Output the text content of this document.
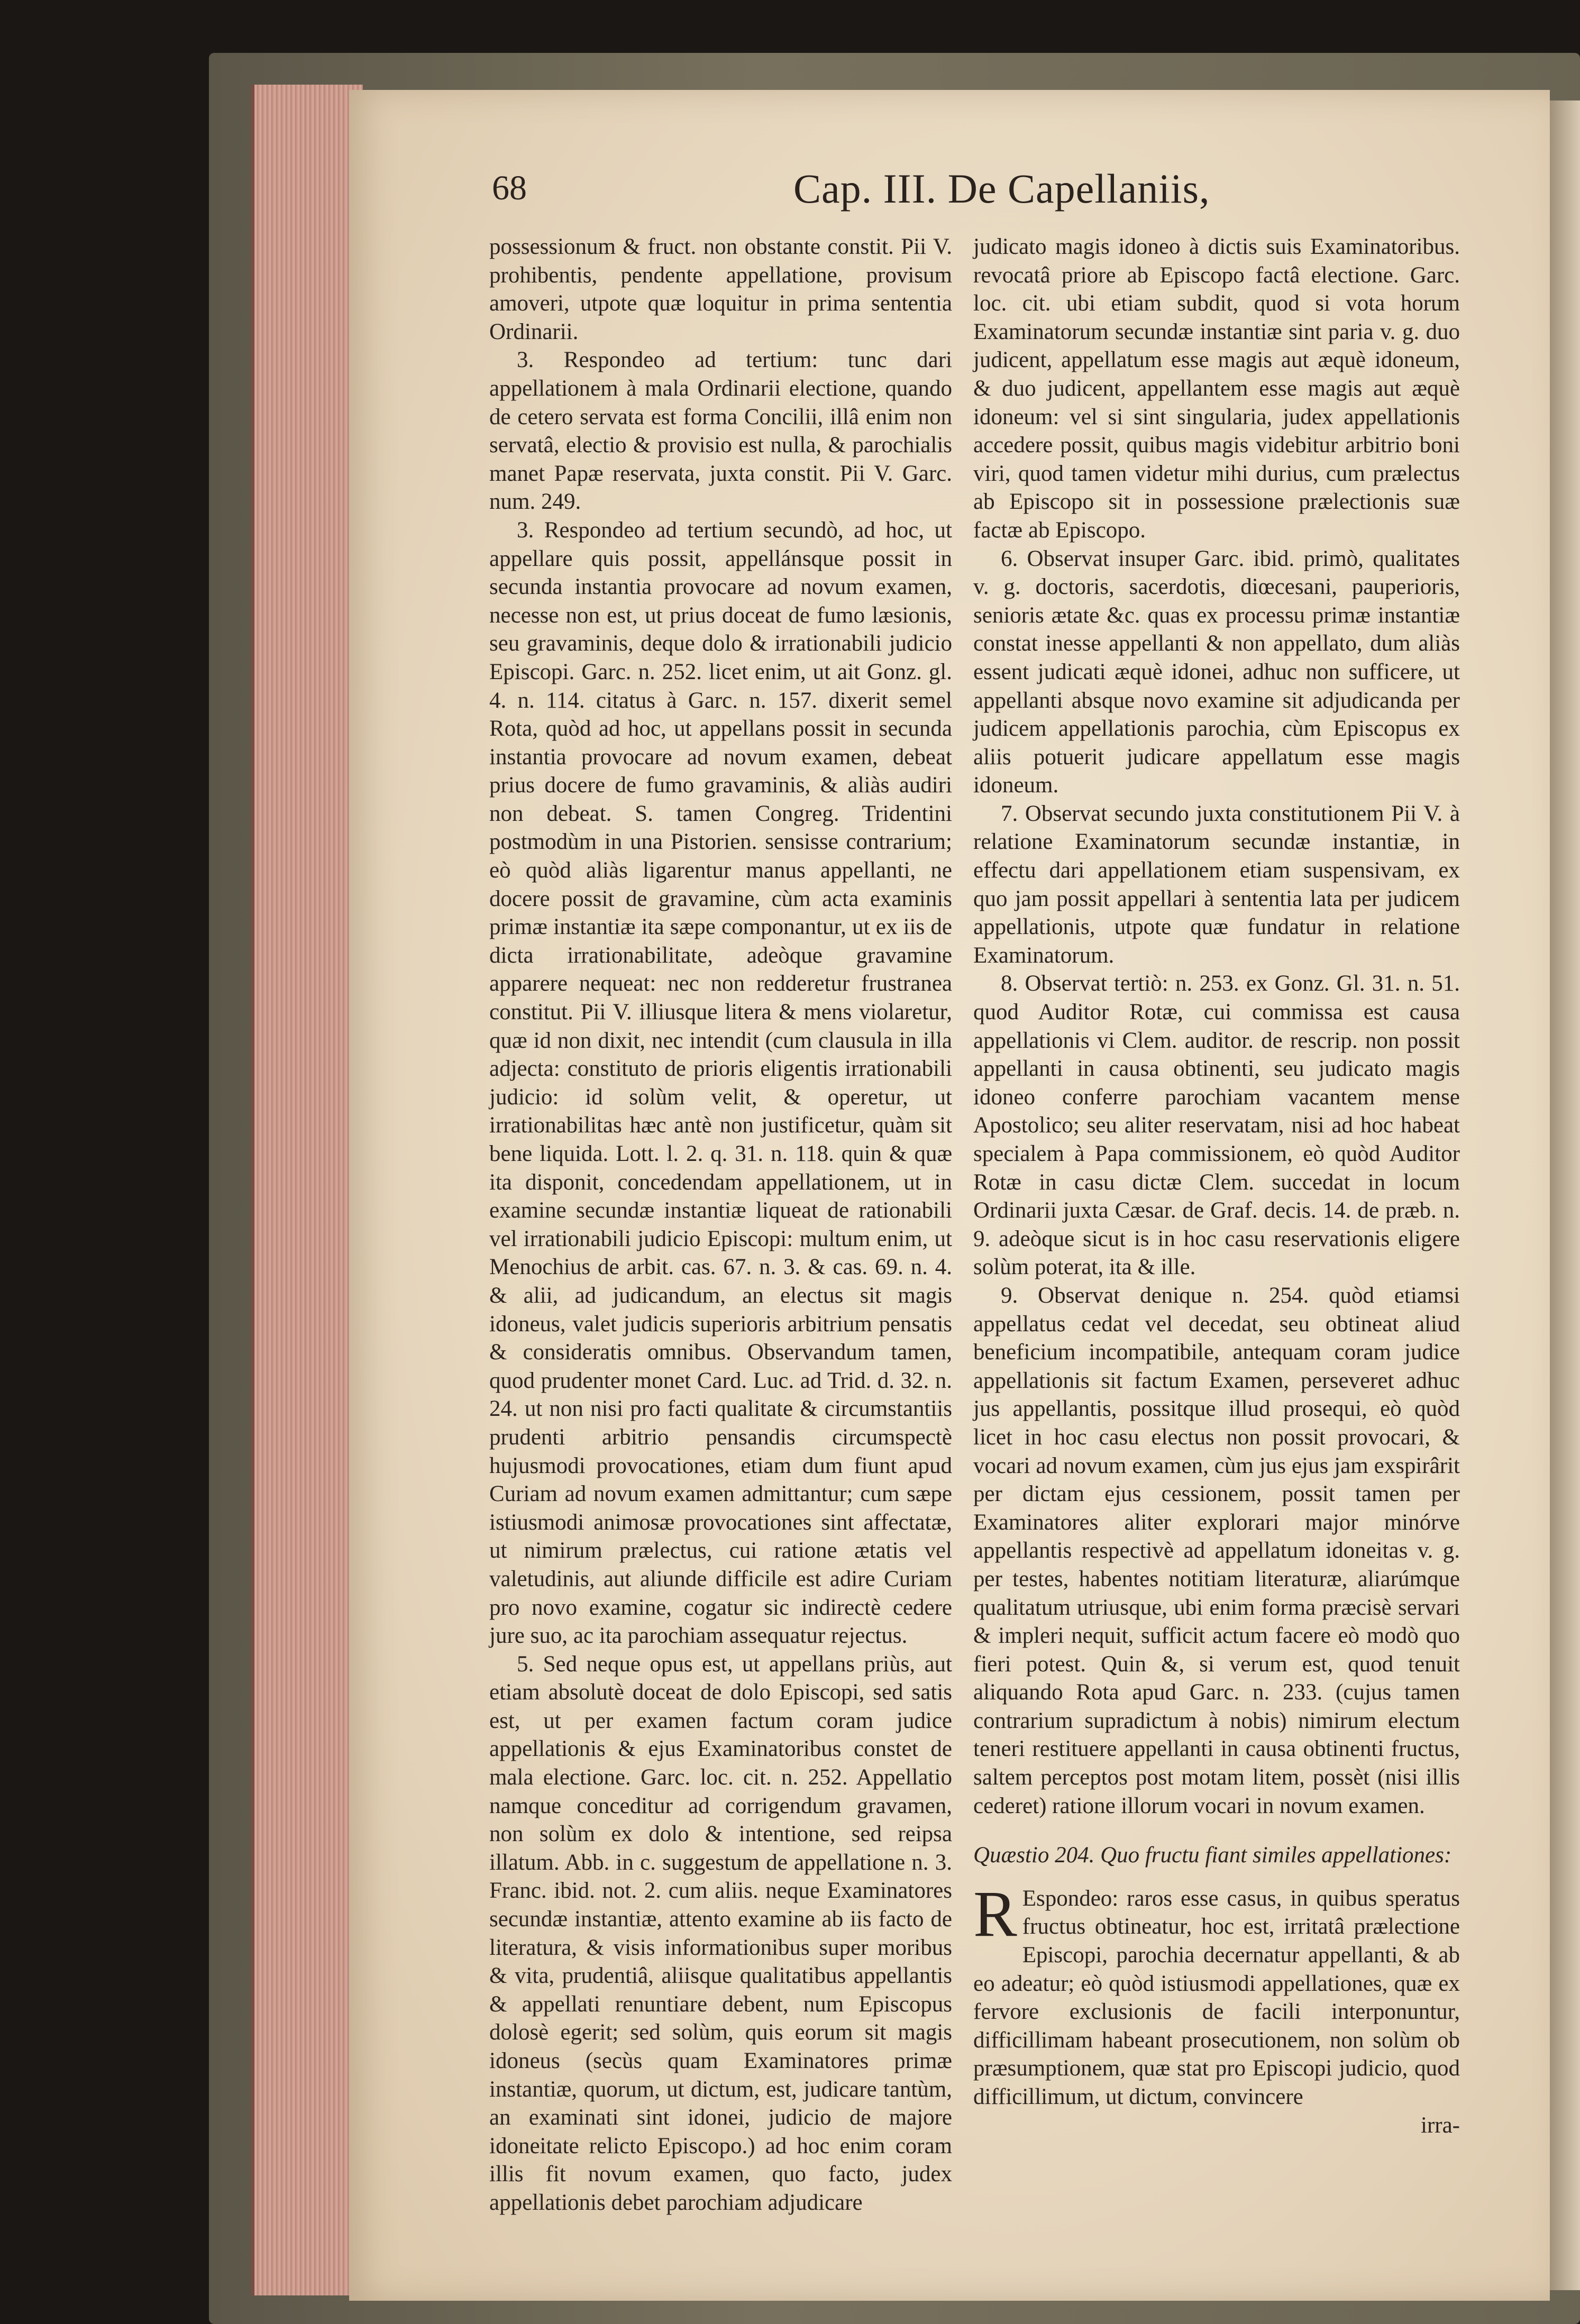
68	Cap. III. De Capellaniis,

possessionum & fruct. non obstante constit. Pii V. prohibentis, pendente appellatione, provisum amoveri, utpote quæ loquitur in prima sententia Ordinarii.

3. Respondeo ad tertium: tunc dari appellationem à mala Ordinarii electione, quando de cetero servata est forma Concilii, illâ enim non servatâ, electio & provisio est nulla, & parochialis manet Papæ reservata, juxta constit. Pii V. Garc. num. 249.

3. Respondeo ad tertium secundò, ad hoc, ut appellare quis possit, appellánsque possit in secunda instantia provocare ad novum examen, necesse non est, ut prius doceat de fumo læsionis, seu gravaminis, deque dolo & irrationabili judicio Episcopi. Garc. n. 252. licet enim, ut ait Gonz. gl. 4. n. 114. citatus à Garc. n. 157. dixerit semel Rota, quòd ad hoc, ut appellans possit in secunda instantia provocare ad novum examen, debeat prius docere de fumo gravaminis, & aliàs audiri non debeat. S. tamen Congreg. Tridentini postmodùm in una Pistorien. sensisse contrarium; eò quòd aliàs ligarentur manus appellanti, ne docere possit de gravamine, cùm acta examinis primæ instantiæ ita sæpe componantur, ut ex iis de dicta irrationabilitate, adeòque gravamine apparere nequeat: nec non redderetur frustranea constitut. Pii V. illiusque litera & mens violaretur, quæ id non dixit, nec intendit (cum clausula in illa adjecta: constituto de prioris eligentis irrationabili judicio: id solùm velit, & operetur, ut irrationabilitas hæc antè non justificetur, quàm sit bene liquida. Lott. l. 2. q. 31. n. 118. quin & quæ ita disponit, concedendam appellationem, ut in examine secundæ instantiæ liqueat de rationabili vel irrationabili judicio Episcopi: multum enim, ut Menochius de arbit. cas. 67. n. 3. & cas. 69. n. 4. & alii, ad judicandum, an electus sit magis idoneus, valet judicis superioris arbitrium pensatis & consideratis omnibus. Observandum tamen, quod prudenter monet Card. Luc. ad Trid. d. 32. n. 24. ut non nisi pro facti qualitate & circumstantiis prudenti arbitrio pensandis circumspectè hujusmodi provocationes, etiam dum fiunt apud Curiam ad novum examen admittantur; cum sæpe istiusmodi animosæ provocationes sint affectatæ, ut nimirum prælectus, cui ratione ætatis vel valetudinis, aut aliunde difficile est adire Curiam pro novo examine, cogatur sic indirectè cedere jure suo, ac ita parochiam assequatur rejectus.

5. Sed neque opus est, ut appellans priùs, aut etiam absolutè doceat de dolo Episcopi, sed satis est, ut per examen factum coram judice appellationis & ejus Examinatoribus constet de mala electione. Garc. loc. cit. n. 252. Appellatio namque conceditur ad corrigendum gravamen, non solùm ex dolo & intentione, sed reipsa illatum. Abb. in c. suggestum de appellatione n. 3. Franc. ibid. not. 2. cum aliis. neque Examinatores secundæ instantiæ, attento examine ab iis facto de literatura, & visis informationibus super moribus & vita, prudentiâ, aliisque qualitatibus appellantis & appellati renuntiare debent, num Episcopus dolosè egerit; sed solùm, quis eorum sit magis idoneus (secùs quam Examinatores primæ instantiæ, quorum, ut dictum, est, judicare tantùm, an examinati sint idonei, judicio de majore idoneitate relicto Episcopo.) ad hoc enim coram illis fit novum examen, quo facto, judex appellationis debet parochiam adjudicare

judicato magis idoneo à dictis suis Examinatoribus. revocatâ priore ab Episcopo factâ electione. Garc. loc. cit. ubi etiam subdit, quod si vota horum Examinatorum secundæ instantiæ sint paria v. g. duo judicent, appellatum esse magis aut æquè idoneum, & duo judicent, appellantem esse magis aut æquè idoneum: vel si sint singularia, judex appellationis accedere possit, quibus magis videbitur arbitrio boni viri, quod tamen videtur mihi durius, cum prælectus ab Episcopo sit in possessione prælectionis suæ factæ ab Episcopo.

6. Observat insuper Garc. ibid. primò, qualitates v. g. doctoris, sacerdotis, diœcesani, pauperioris, senioris ætate &c. quas ex processu primæ instantiæ constat inesse appellanti & non appellato, dum aliàs essent judicati æquè idonei, adhuc non sufficere, ut appellanti absque novo examine sit adjudicanda per judicem appellationis parochia, cùm Episcopus ex aliis potuerit judicare appellatum esse magis idoneum.

7. Observat secundo juxta constitutionem Pii V. à relatione Examinatorum secundæ instantiæ, in effectu dari appellationem etiam suspensivam, ex quo jam possit appellari à sententia lata per judicem appellationis, utpote quæ fundatur in relatione Examinatorum.

8. Observat tertiò: n. 253. ex Gonz. Gl. 31. n. 51. quod Auditor Rotæ, cui commissa est causa appellationis vi Clem. auditor. de rescrip. non possit appellanti in causa obtinenti, seu judicato magis idoneo conferre parochiam vacantem mense Apostolico; seu aliter reservatam, nisi ad hoc habeat specialem à Papa commissionem, eò quòd Auditor Rotæ in casu dictæ Clem. succedat in locum Ordinarii juxta Cæsar. de Graf. decis. 14. de præb. n. 9. adeòque sicut is in hoc casu reservationis eligere solùm poterat, ita & ille.

9. Observat denique n. 254. quòd etiamsi appellatus cedat vel decedat, seu obtineat aliud beneficium incompatibile, antequam coram judice appellationis sit factum Examen, perseveret adhuc jus appellantis, possitque illud prosequi, eò quòd licet in hoc casu electus non possit provocari, & vocari ad novum examen, cùm jus ejus jam exspirârit per dictam ejus cessionem, possit tamen per Examinatores aliter explorari major minórve appellantis respectivè ad appellatum idoneitas v. g. per testes, habentes notitiam literaturæ, aliarúmque qualitatum utriusque, ubi enim forma præcisè servari & impleri nequit, sufficit actum facere eò modò quo fieri potest. Quin &, si verum est, quod tenuit aliquando Rota apud Garc. n. 233. (cujus tamen contrarium supradictum à nobis) nimirum electum teneri restituere appellanti in causa obtinenti fructus, saltem perceptos post motam litem, possèt (nisi illis cederet) ratione illorum vocari in novum examen.

Quæstio 204. Quo fructu fiant similes appellationes:

R Espondeo: raros esse casus, in quibus speratus fructus obtineatur, hoc est, irritatâ prælectione Episcopi, parochia decernatur appellanti, & ab eo adeatur; eò quòd istiusmodi appellationes, quæ ex fervore exclusionis de facili interponuntur, difficillimam habeant prosecutionem, non solùm ob præsumptionem, quæ stat pro Episcopi judicio, quod difficillimum, ut dictum, convincere

irra-
